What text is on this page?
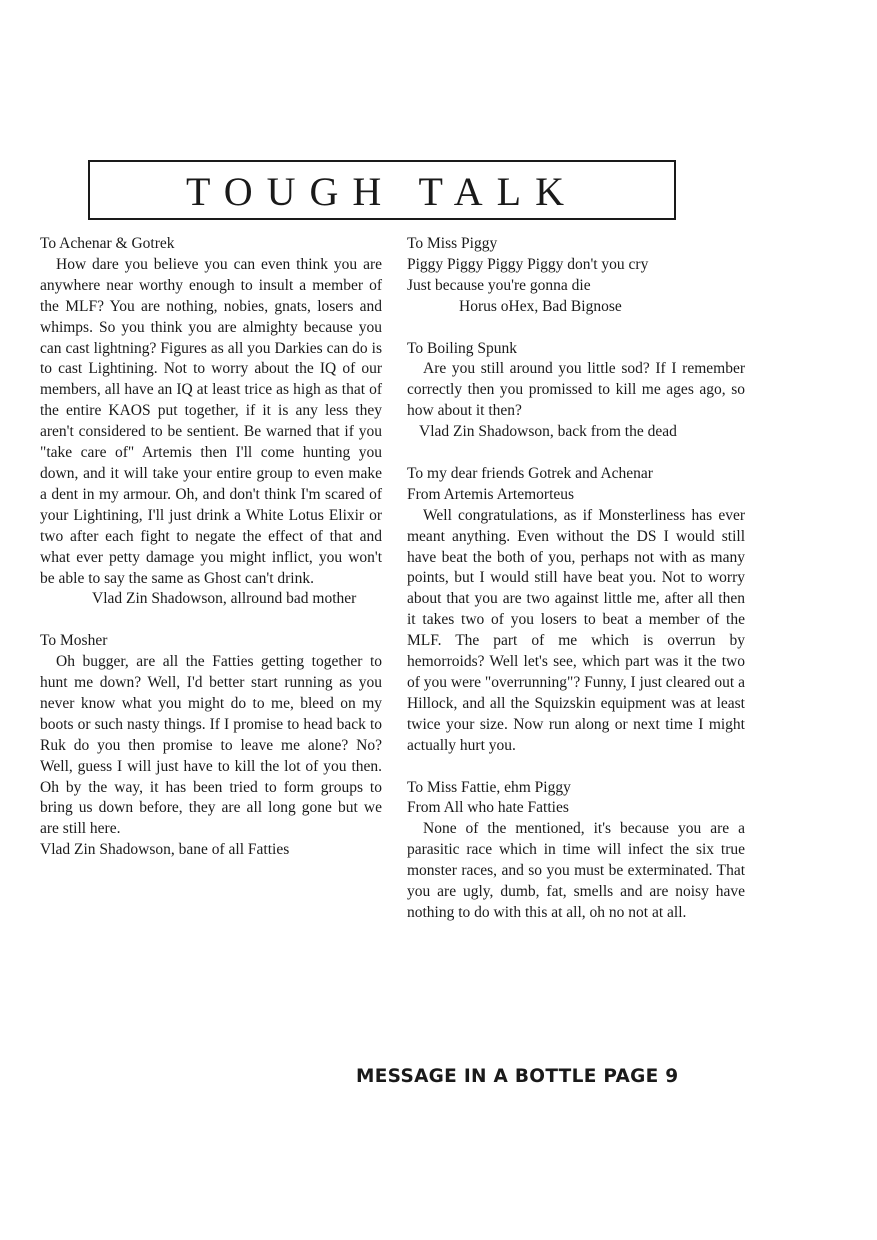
TOUGH TALK
To Achenar & Gotrek

How dare you believe you can even think you are anywhere near worthy enough to insult a member of the MLF? You are nothing, nobies, gnats, losers and whimps. So you think you are almighty because you can cast lightning? Figures as all you Darkies can do is to cast Lightining. Not to worry about the IQ of our members, all have an IQ at least trice as high as that of the entire KAOS put together, if it is any less they aren't considered to be sentient. Be warned that if you "take care of" Artemis then I'll come hunting you down, and it will take your entire group to even make a dent in my armour. Oh, and don't think I'm scared of your Lightining, I'll just drink a White Lotus Elixir or two after each fight to negate the effect of that and what ever petty damage you might inflict, you won't be able to say the same as Ghost can't drink.

Vlad Zin Shadowson, allround bad mother
To Mosher

Oh bugger, are all the Fatties getting together to hunt me down? Well, I'd better start running as you never know what you might do to me, bleed on my boots or such nasty things. If I promise to head back to Ruk do you then promise to leave me alone? No? Well, guess I will just have to kill the lot of you then. Oh by the way, it has been tried to form groups to bring us down before, they are all long gone but we are still here.

Vlad Zin Shadowson, bane of all Fatties
To Miss Piggy
Piggy Piggy Piggy Piggy don't you cry
Just because you're gonna die
Horus oHex, Bad Bignose
To Boiling Spunk

Are you still around you little sod? If I remember correctly then you promissed to kill me ages ago, so how about it then?

Vlad Zin Shadowson, back from the dead
To my dear friends Gotrek and Achenar
From Artemis Artemorteus

Well congratulations, as if Monsterliness has ever meant anything. Even without the DS I would still have beat the both of you, perhaps not with as many points, but I would still have beat you. Not to worry about that you are two against little me, after all then it takes two of you losers to beat a member of the MLF. The part of me which is overrun by hemorroids? Well let's see, which part was it the two of you were "overrunning"? Funny, I just cleared out a Hillock, and all the Squizskin equipment was at least twice your size. Now run along or next time I might actually hurt you.

To Miss Fattie, ehm Piggy
From All who hate Fatties

None of the mentioned, it's because you are a parasitic race which in time will infect the six true monster races, and so you must be exterminated. That you are ugly, dumb, fat, smells and are noisy have nothing to do with this at all, oh no not at all.

MESSAGE IN A BOTTLE PAGE 9
